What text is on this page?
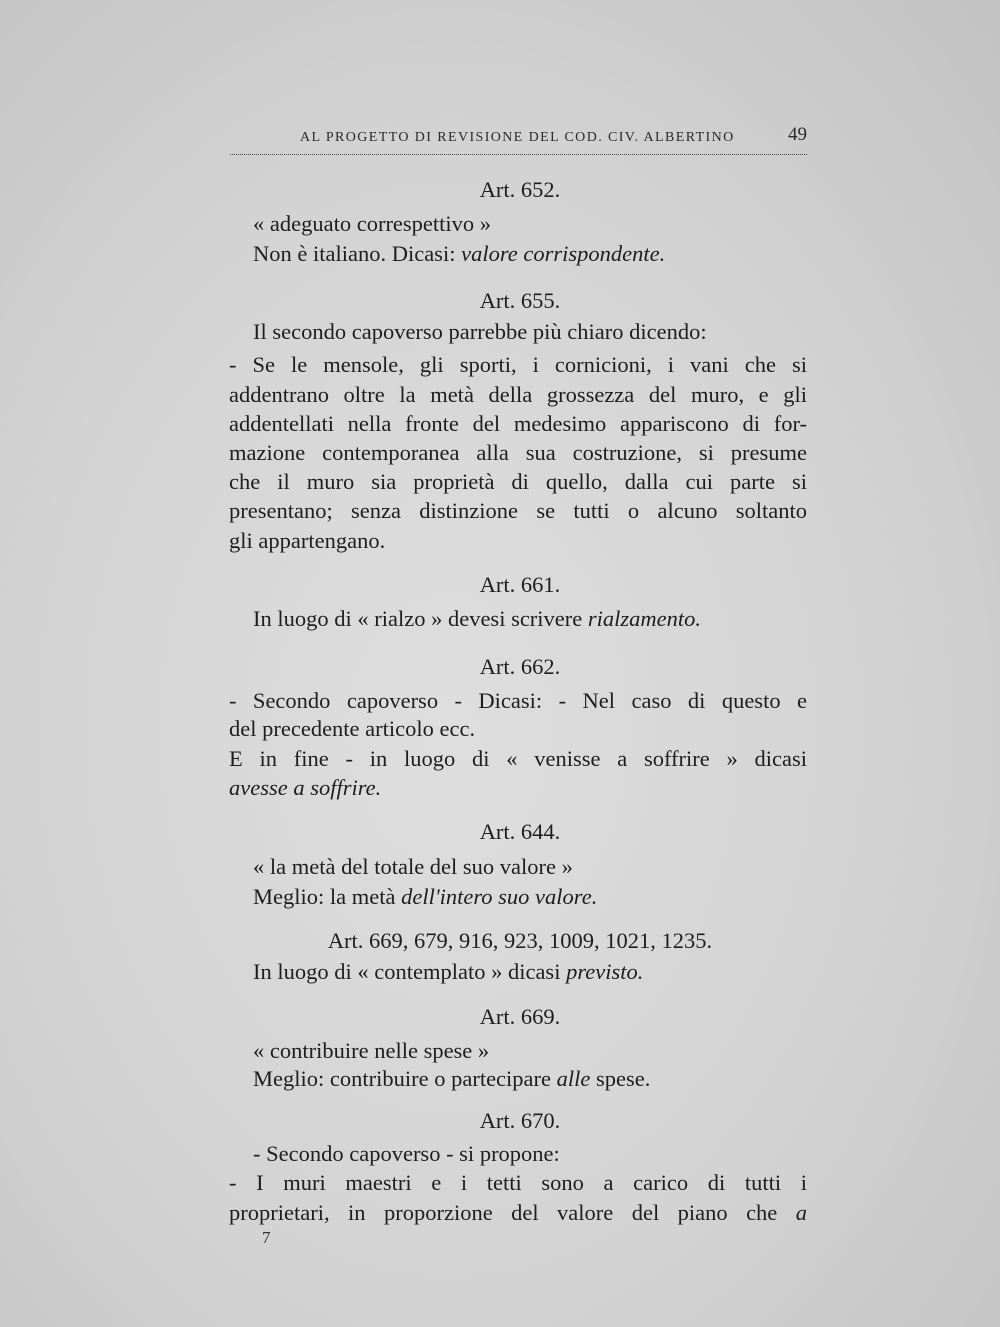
AL PROGETTO DI REVISIONE DEL COD. CIV. ALBERTINO	49
Art. 652.
« adeguato correspettivo »
Non è italiano. Dicasi: valore corrispondente.
Art. 655.
Il secondo capoverso parrebbe più chiaro dicendo:
- Se le mensole, gli sporti, i cornicioni, i vani che si
addentrano oltre la metà della grossezza del muro, e gli
addentellati nella fronte del medesimo appariscono di for-
mazione contemporanea alla sua costruzione, si presume
che il muro sia proprietà di quello, dalla cui parte si
presentano; senza distinzione se tutti o alcuno soltanto
gli appartengano.
Art. 661.
In luogo di « rialzo » devesi scrivere rialzamento.
Art. 662.
- Secondo capoverso - Dicasi: - Nel caso di questo e
del precedente articolo ecc.
E in fine - in luogo di « venisse a soffrire » dicasi
avesse a soffrire.
Art. 644.
« la metà del totale del suo valore »
Meglio: la metà dell'intero suo valore.
Art. 669, 679, 916, 923, 1009, 1021, 1235.
In luogo di « contemplato » dicasi previsto.
Art. 669.
« contribuire nelle spese »
Meglio: contribuire o partecipare alle spese.
Art. 670.
- Secondo capoverso - si propone:
- I muri maestri e i tetti sono a carico di tutti i
proprietari, in proporzione del valore del piano che a
7
